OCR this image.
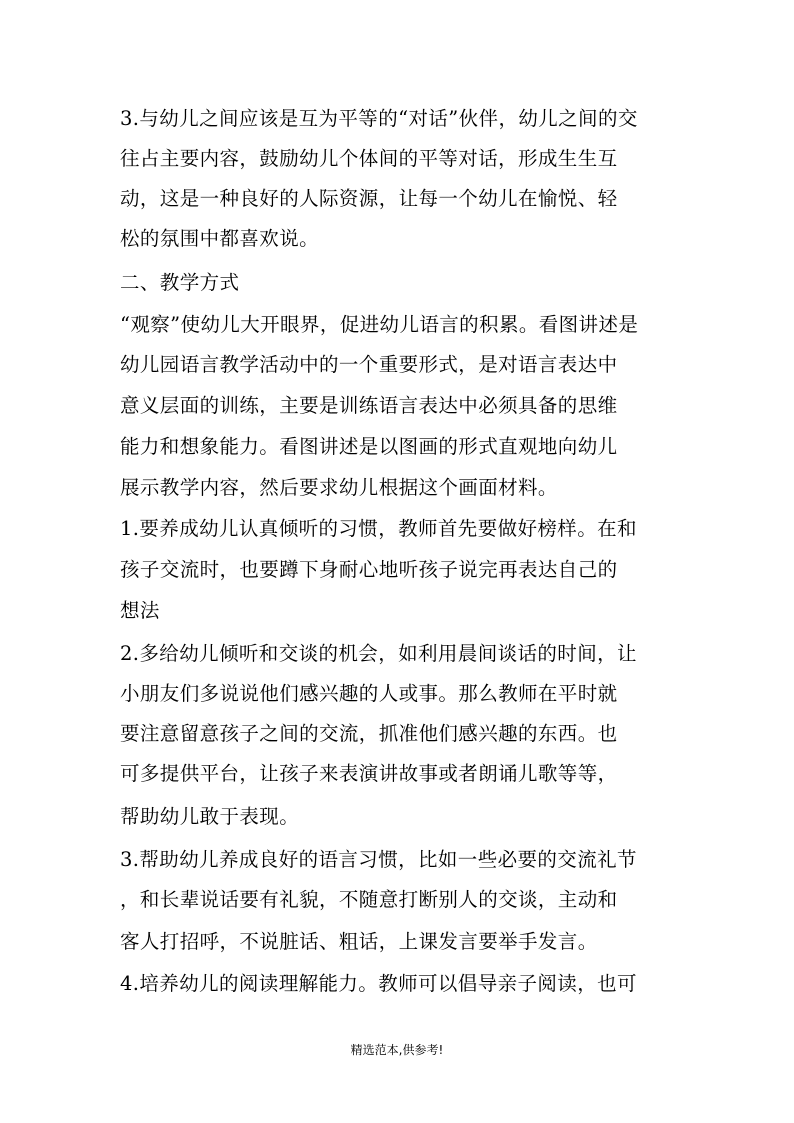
3.与幼儿之间应该是互为平等的“对话”伙伴，幼儿之间的交
往占主要内容，鼓励幼儿个体间的平等对话，形成生生互
动，这是一种良好的人际资源，让每一个幼儿在愉悦、轻
松的氛围中都喜欢说。
二、教学方式
“观察”使幼儿大开眼界，促进幼儿语言的积累。看图讲述是
幼儿园语言教学活动中的一个重要形式，是对语言表达中
意义层面的训练，主要是训练语言表达中必须具备的思维
能力和想象能力。看图讲述是以图画的形式直观地向幼儿
展示教学内容，然后要求幼儿根据这个画面材料。
1.要养成幼儿认真倾听的习惯，教师首先要做好榜样。在和
孩子交流时，也要蹲下身耐心地听孩子说完再表达自己的
想法
2.多给幼儿倾听和交谈的机会，如利用晨间谈话的时间，让
小朋友们多说说他们感兴趣的人或事。那么教师在平时就
要注意留意孩子之间的交流，抓准他们感兴趣的东西。也
可多提供平台，让孩子来表演讲故事或者朗诵儿歌等等，
帮助幼儿敢于表现。
3.帮助幼儿养成良好的语言习惯，比如一些必要的交流礼节
，和长辈说话要有礼貌，不随意打断别人的交谈，主动和
客人打招呼，不说脏话、粗话，上课发言要举手发言。
4.培养幼儿的阅读理解能力。教师可以倡导亲子阅读，也可
精选范本,供参考!
